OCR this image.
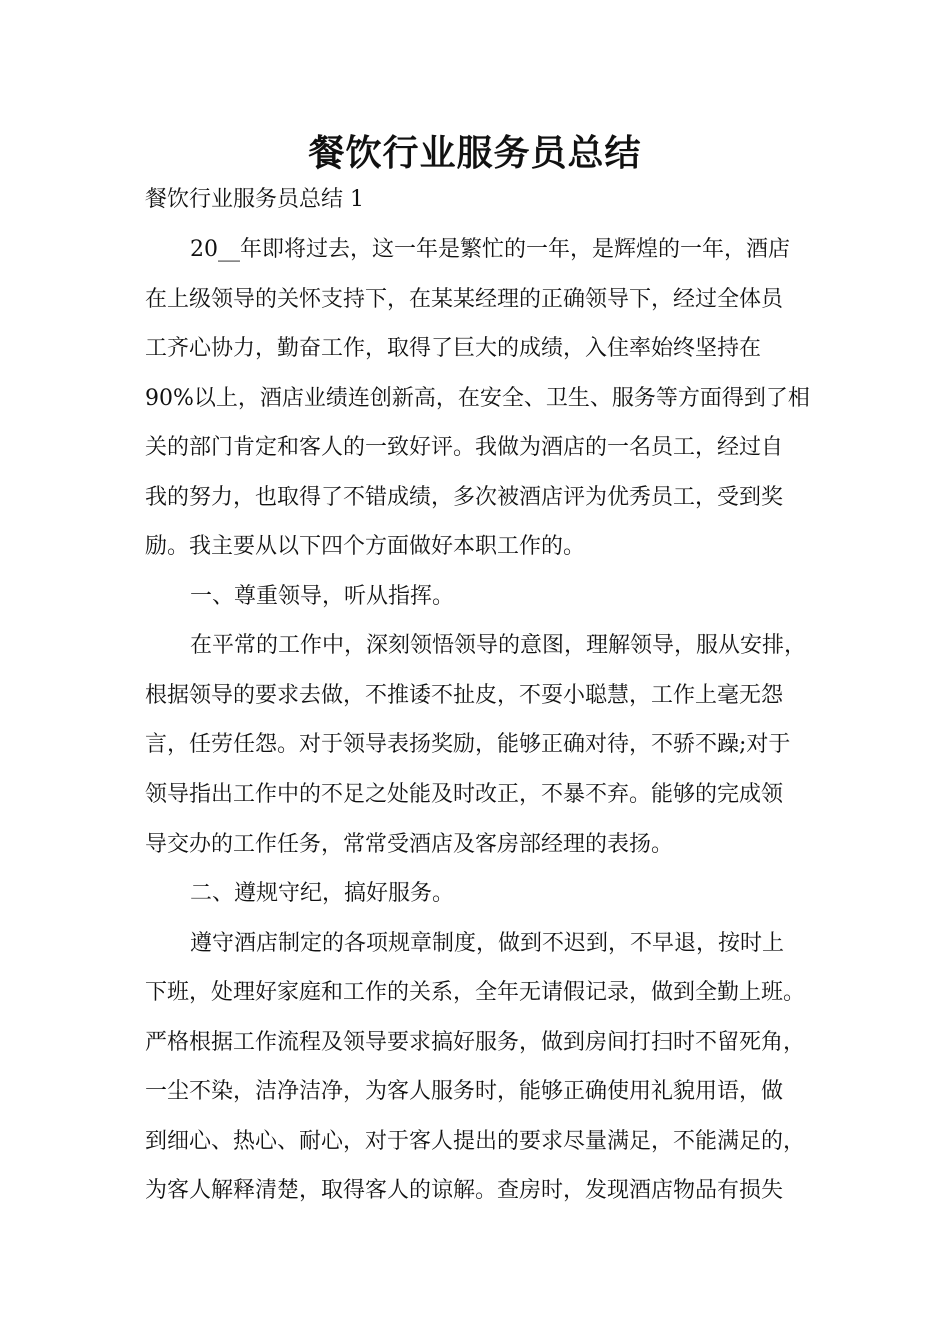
餐饮行业服务员总结
餐饮行业服务员总结 1
20__年即将过去，这一年是繁忙的一年，是辉煌的一年，酒店
在上级领导的关怀支持下，在某某经理的正确领导下，经过全体员
工齐心协力，勤奋工作，取得了巨大的成绩，入住率始终坚持在
90%以上，酒店业绩连创新高，在安全、卫生、服务等方面得到了相
关的部门肯定和客人的一致好评。我做为酒店的一名员工，经过自
我的努力，也取得了不错成绩，多次被酒店评为优秀员工，受到奖
励。我主要从以下四个方面做好本职工作的。
一、尊重领导，听从指挥。
在平常的工作中，深刻领悟领导的意图，理解领导，服从安排，
根据领导的要求去做，不推诿不扯皮，不耍小聪慧，工作上毫无怨
言，任劳任怨。对于领导表扬奖励，能够正确对待，不骄不躁;对于
领导指出工作中的不足之处能及时改正，不暴不弃。能够的完成领
导交办的工作任务，常常受酒店及客房部经理的表扬。
二、遵规守纪，搞好服务。
遵守酒店制定的各项规章制度，做到不迟到，不早退，按时上
下班，处理好家庭和工作的关系，全年无请假记录，做到全勤上班。
严格根据工作流程及领导要求搞好服务，做到房间打扫时不留死角，
一尘不染，洁净洁净，为客人服务时，能够正确使用礼貌用语，做
到细心、热心、耐心，对于客人提出的要求尽量满足，不能满足的，
为客人解释清楚，取得客人的谅解。查房时，发现酒店物品有损失
